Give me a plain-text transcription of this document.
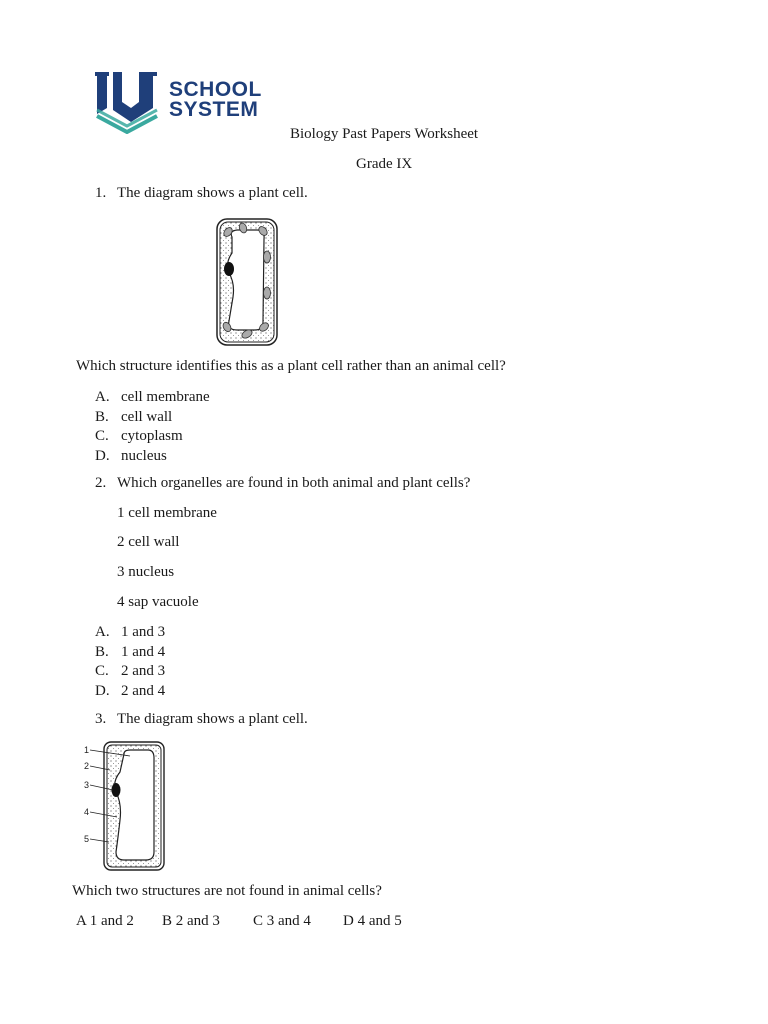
SCHOOL
SYSTEM
Biology Past Papers Worksheet
Grade IX
1. The diagram shows a plant cell.
Which structure identifies this as a plant cell rather than an animal cell?
A. cell membrane
B. cell wall
C. cytoplasm
D. nucleus
2. Which organelles are found in both animal and plant cells?
1 cell membrane
2 cell wall
3 nucleus
4 sap vacuole
A. 1 and 3
B. 1 and 4
C. 2 and 3
D. 2 and 4
3. The diagram shows a plant cell.
1
2
3
4
5
Which two structures are not found in animal cells?
A 1 and 2 B 2 and 3 C 3 and 4 D 4 and 5
